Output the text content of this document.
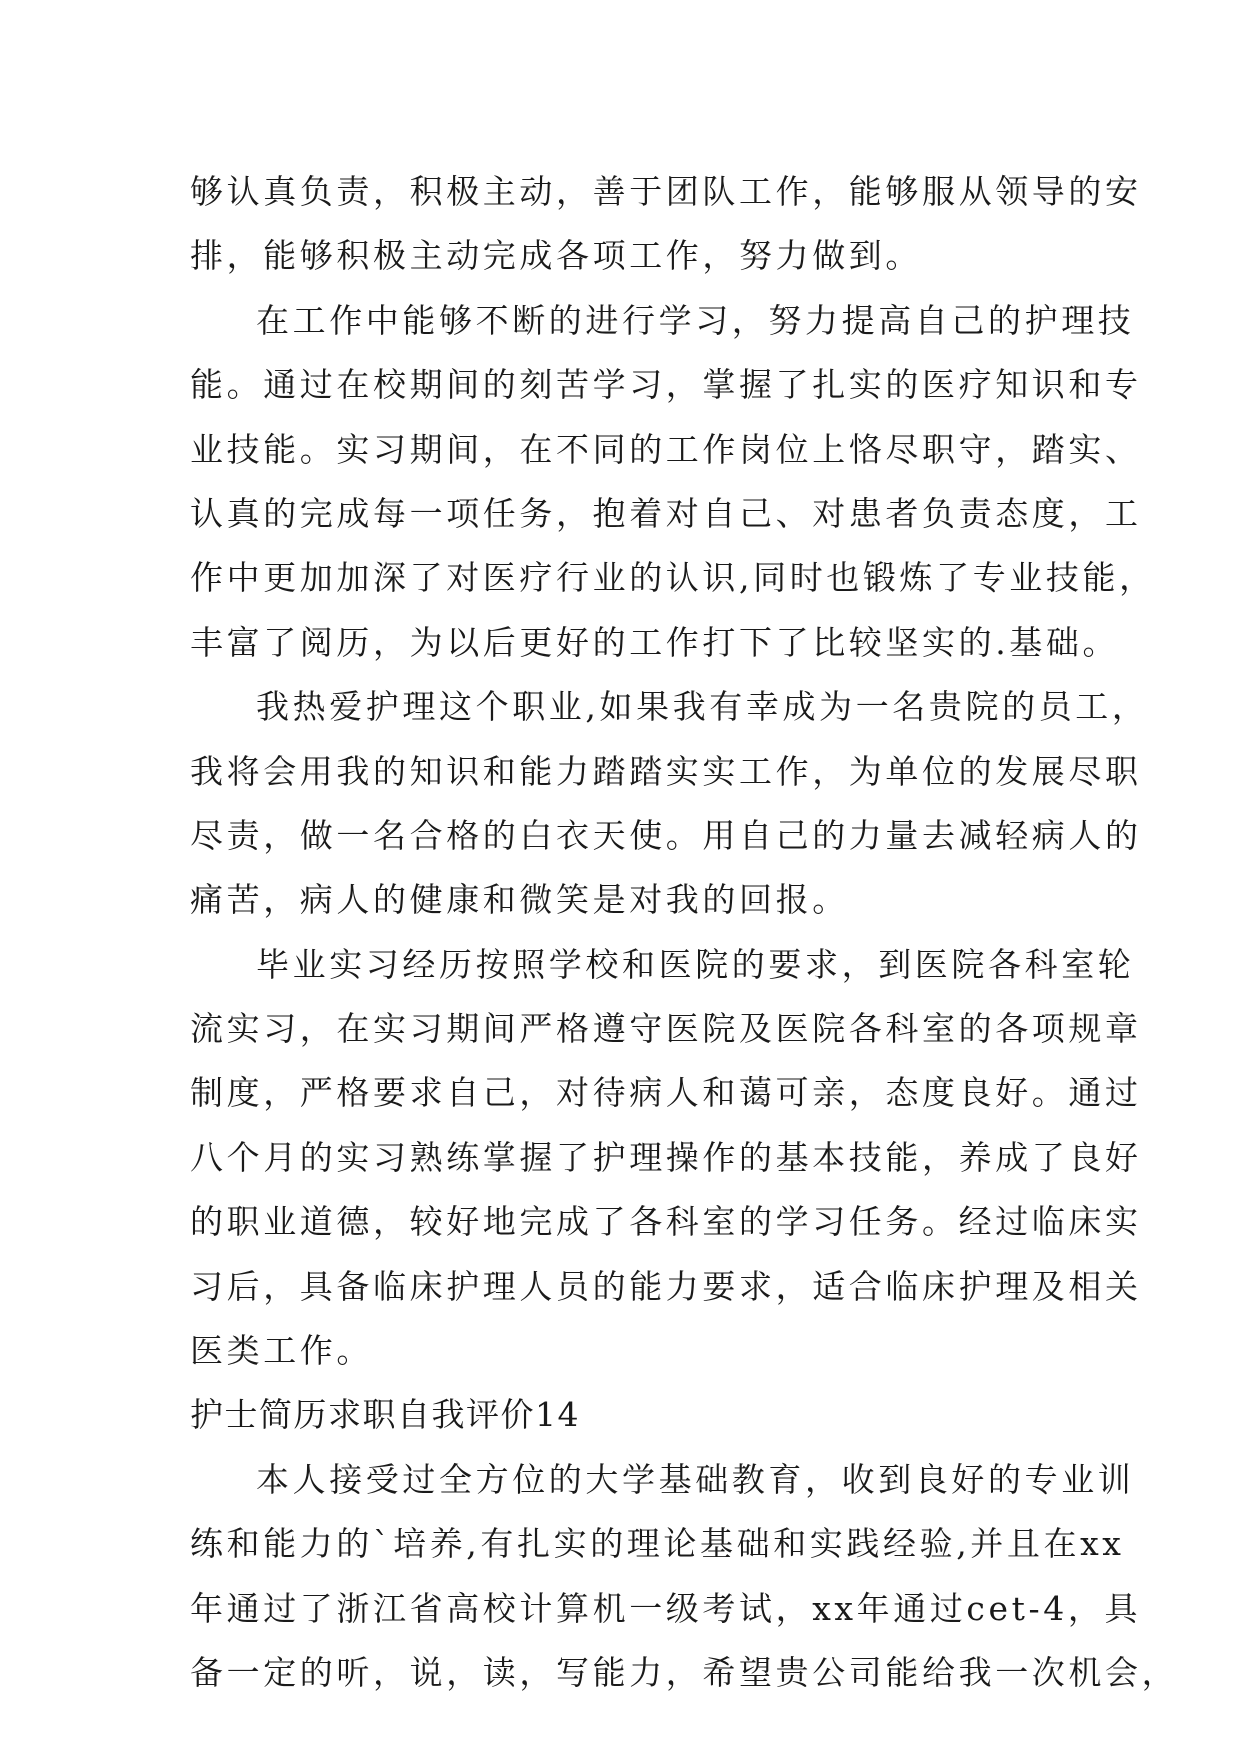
够认真负责，积极主动，善于团队工作，能够服从领导的安
排，能够积极主动完成各项工作，努力做到。
在工作中能够不断的进行学习，努力提高自己的护理技
能。通过在校期间的刻苦学习，掌握了扎实的医疗知识和专
业技能。实习期间，在不同的工作岗位上恪尽职守，踏实、
认真的完成每一项任务，抱着对自己、对患者负责态度，工
作中更加加深了对医疗行业的认识,同时也锻炼了专业技能，
丰富了阅历，为以后更好的工作打下了比较坚实的.基础。
我热爱护理这个职业,如果我有幸成为一名贵院的员工，
我将会用我的知识和能力踏踏实实工作，为单位的发展尽职
尽责，做一名合格的白衣天使。用自己的力量去减轻病人的
痛苦，病人的健康和微笑是对我的回报。
毕业实习经历按照学校和医院的要求，到医院各科室轮
流实习，在实习期间严格遵守医院及医院各科室的各项规章
制度，严格要求自己，对待病人和蔼可亲，态度良好。通过
八个月的实习熟练掌握了护理操作的基本技能，养成了良好
的职业道德，较好地完成了各科室的学习任务。经过临床实
习后，具备临床护理人员的能力要求，适合临床护理及相关
医类工作。
护士简历求职自我评价14
本人接受过全方位的大学基础教育，收到良好的专业训
练和能力的`培养,有扎实的理论基础和实践经验,并且在xx
年通过了浙江省高校计算机一级考试，xx年通过cet-4，具
备一定的听，说，读，写能力，希望贵公司能给我一次机会，
